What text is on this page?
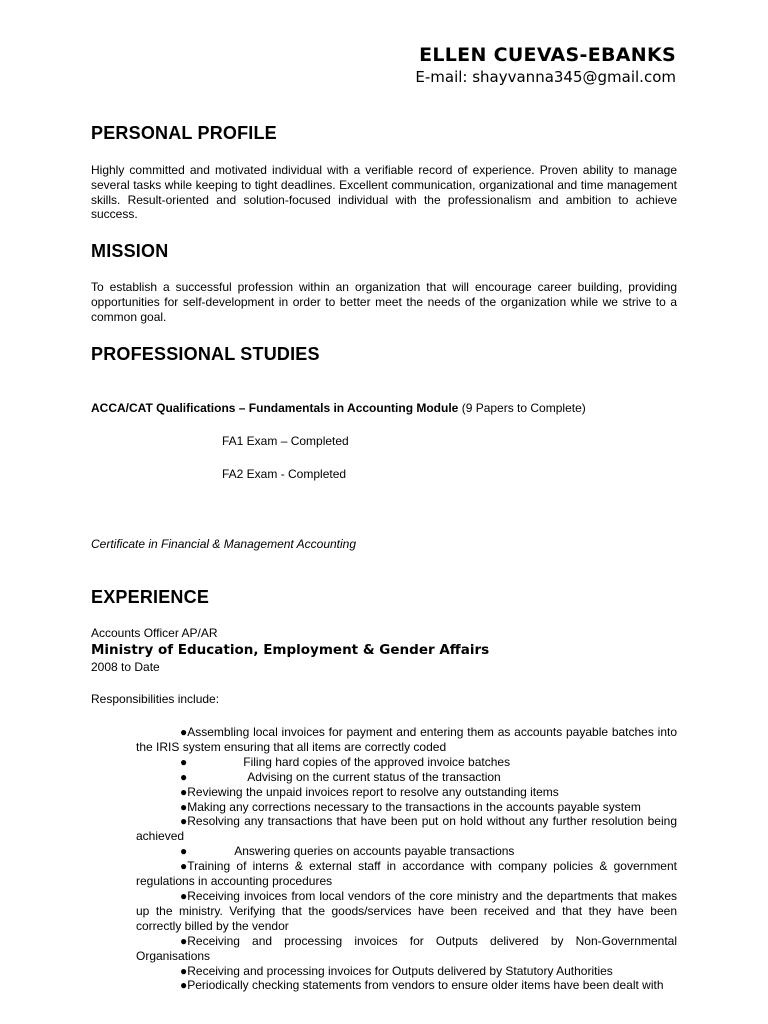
ELLEN CUEVAS-EBANKS
E-mail: shayvanna345@gmail.com
PERSONAL PROFILE
Highly committed and motivated individual with a verifiable record of experience. Proven ability to manage several tasks while keeping to tight deadlines. Excellent communication, organizational and time management skills. Result-oriented and solution-focused individual with the professionalism and ambition to achieve success.
MISSION
To establish a successful profession within an organization that will encourage career building, providing opportunities for self-development in order to better meet the needs of the organization while we strive to a common goal.
PROFESSIONAL STUDIES
ACCA/CAT Qualifications – Fundamentals in Accounting Module (9 Papers to Complete)
FA1 Exam – Completed
FA2 Exam - Completed
Certificate in Financial & Management Accounting
EXPERIENCE
Accounts Officer AP/AR
Ministry of Education, Employment & Gender Affairs
2008 to Date
Responsibilities include:

●Assembling local invoices for payment and entering them as accounts payable batches into the IRIS system ensuring that all items are correctly coded

●	Filing hard copies of the approved invoice batches

●	Advising on the current status of the transaction

●Reviewing the unpaid invoices report to resolve any outstanding items

●Making any corrections necessary to the transactions in the accounts payable system

●Resolving any transactions that have been put on hold without any further resolution being achieved

●	Answering queries on accounts payable transactions

●Training of interns & external staff in accordance with company policies & government regulations in accounting procedures

●Receiving invoices from local vendors of the core ministry and the departments that makes up the ministry. Verifying that the goods/services have been received and that they have been correctly billed by the vendor

●Receiving and processing invoices for Outputs delivered by Non-Governmental Organisations

●Receiving and processing invoices for Outputs delivered by Statutory Authorities

●Periodically checking statements from vendors to ensure older items have been dealt with
